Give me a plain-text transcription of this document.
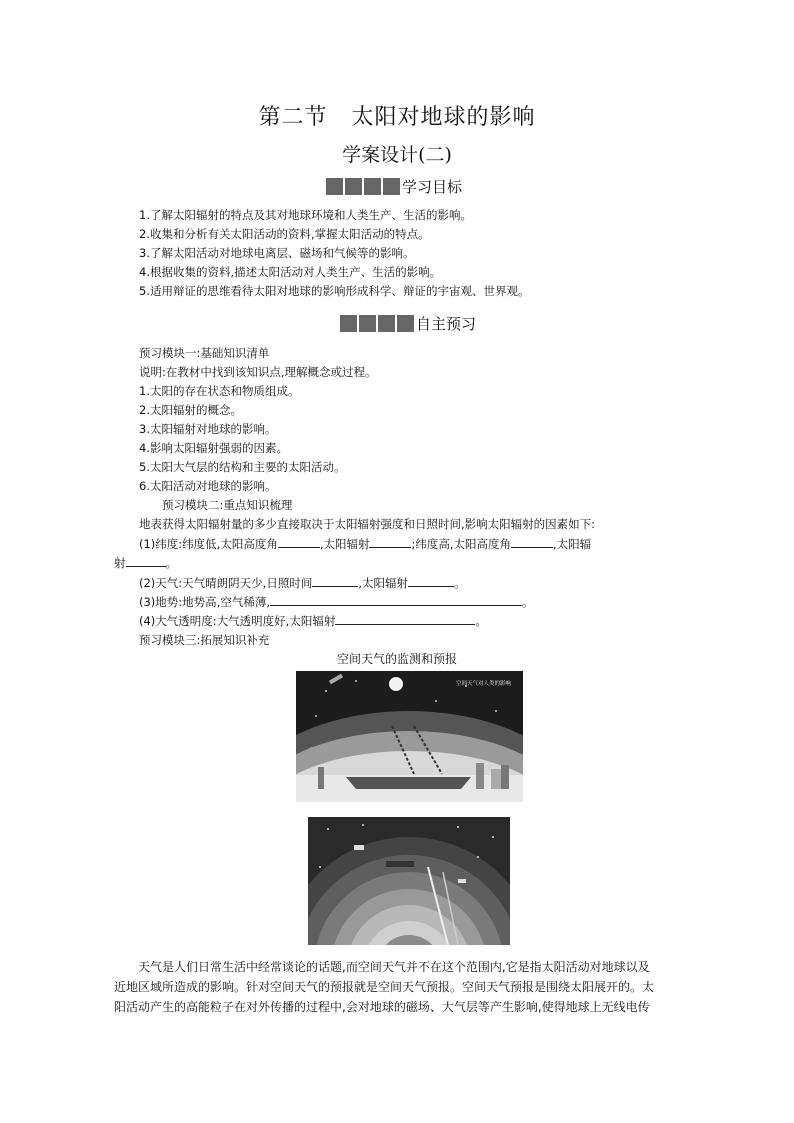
第二节 太阳对地球的影响
学案设计(二)
学习目标
1.了解太阳辐射的特点及其对地球环境和人类生产、生活的影响。
2.收集和分析有关太阳活动的资料,掌握太阳活动的特点。
3.了解太阳活动对地球电离层、磁场和气候等的影响。
4.根据收集的资料,描述太阳活动对人类生产、生活的影响。
5.适用辩证的思维看待太阳对地球的影响形成科学、辩证的宇宙观、世界观。
自主预习
预习模块一:基础知识清单
说明:在教材中找到该知识点,理解概念或过程。
1.太阳的存在状态和物质组成。
2.太阳辐射的概念。
3.太阳辐射对地球的影响。
4.影响太阳辐射强弱的因素。
5.太阳大气层的结构和主要的太阳活动。
6.太阳活动对地球的影响。
预习模块二:重点知识梳理
地表获得太阳辐射量的多少直接取决于太阳辐射强度和日照时间,影响太阳辐射的因素如下:
(1)纬度:纬度低,太阳高度角	,太阳辐射	;纬度高,太阳高度角	,太阳辐
射	。
(2)天气:天气晴朗阴天少,日照时间	,太阳辐射	。
(3)地势:地势高,空气稀薄,	。
(4)大气透明度:大气透明度好,太阳辐射	。
预习模块三:拓展知识补充
空间天气的监测和预报
空间天气对人类的影响
天气是人们日常生活中经常谈论的话题,而空间天气并不在这个范围内,它是指太阳活动对地球以及
近地区域所造成的影响。针对空间天气的预报就是空间天气预报。空间天气预报是围绕太阳展开的。太
阳活动产生的高能粒子在对外传播的过程中,会对地球的磁场、大气层等产生影响,使得地球上无线电传
